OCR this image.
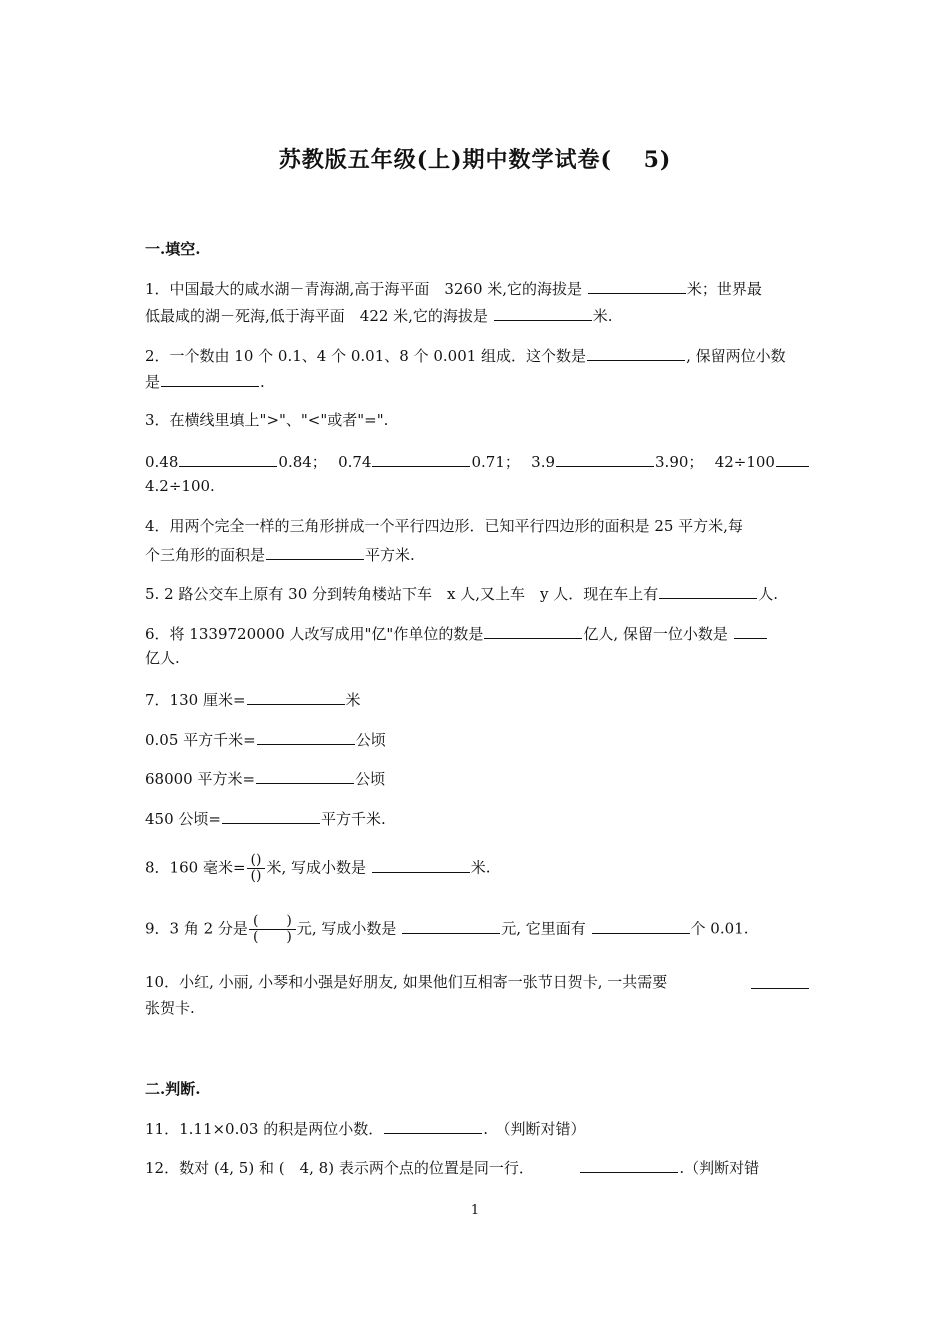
苏教版五年级(上)期中数学试卷(　 5)
一.填空.
1．中国最大的咸水湖－青海湖,高于海平面　3260 米,它的海拔是	米；世界最
低最咸的湖－死海,低于海平面　422 米,它的海拔是	米.
2．一个数由 10 个 0.1、4 个 0.01、8 个 0.001 组成．这个数是	, 保留两位小数
是	.
3．在横线里填上">"、"<"或者"=".
0.48	0.84； 0.74	0.71； 3.9	3.90； 42÷100
4.2÷100.
4．用两个完全一样的三角形拼成一个平行四边形．已知平行四边形的面积是 25 平方米,每
个三角形的面积是	平方米.
5. 2 路公交车上原有 30 分到转角楼站下车　x 人,又上车　y 人．现在车上有	人.
6．将 1339720000 人改写成用"亿"作单位的数是	亿人, 保留一位小数是
亿人.
7．130 厘米=	米
0.05 平方千米=	公顷
68000 平方米=	公顷
450 公顷=	平方千米.
8．160 毫米= $\frac{()}{()}$ 米, 写成小数是	米.
9．3 角 2 分是 $\frac{( )}{( )}$ 元, 写成小数是	元, 它里面有	个 0.01.
10．小红, 小丽, 小琴和小强是好朋友, 如果他们互相寄一张节日贺卡, 一共需要
张贺卡.
二.判断.
11．1.11×0.03 的积是两位小数．	.　（判断对错）
12．数对 (4, 5) 和 (　4, 8) 表示两个点的位置是同一行．	.（判断对错
1
